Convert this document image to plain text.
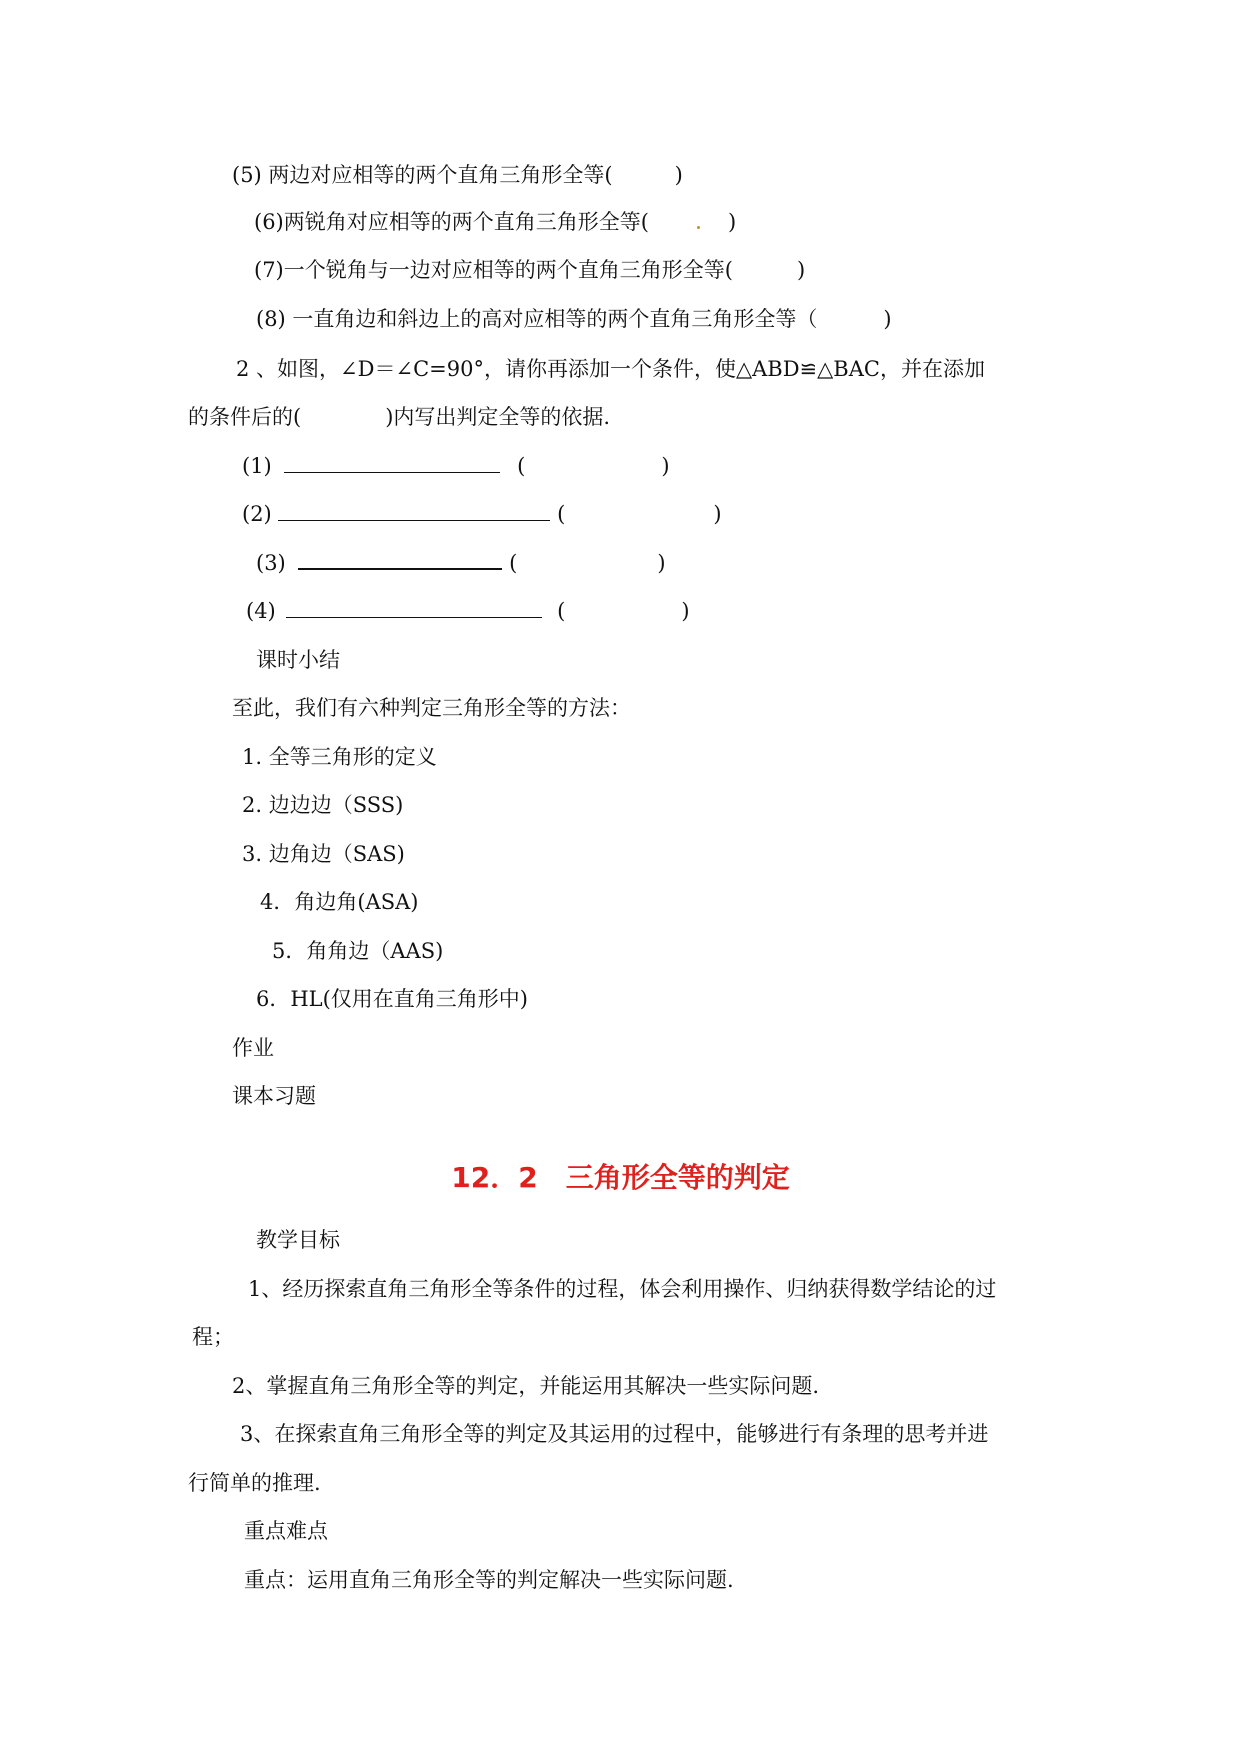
(5) 两边对应相等的两个直角三角形全等(	)
(6)两锐角对应相等的两个直角三角形全等(	)
(7)一个锐角与一边对应相等的两个直角三角形全等(	)
(8) 一直角边和斜边上的高对应相等的两个直角三角形全等（	)
2 、如图，∠D＝∠C=90°，请你再添加一个条件，使△ABD≌△BAC，并在添加
的条件后的(　　　　)内写出判定全等的依据.
(1)	(	)
(2)	(	)
(3)	(	)
(4)	(	)
课时小结
至此，我们有六种判定三角形全等的方法：
1. 全等三角形的定义
2. 边边边（SSS)
3. 边角边（SAS)
4．角边角(ASA)
5．角角边（AAS)
6．HL(仅用在直角三角形中)
作业
课本习题
12．2　三角形全等的判定
教学目标
1、经历探索直角三角形全等条件的过程，体会利用操作、归纳获得数学结论的过
程；
2、掌握直角三角形全等的判定，并能运用其解决一些实际问题.
3、在探索直角三角形全等的判定及其运用的过程中，能够进行有条理的思考并进
行简单的推理.
重点难点
重点：运用直角三角形全等的判定解决一些实际问题.
